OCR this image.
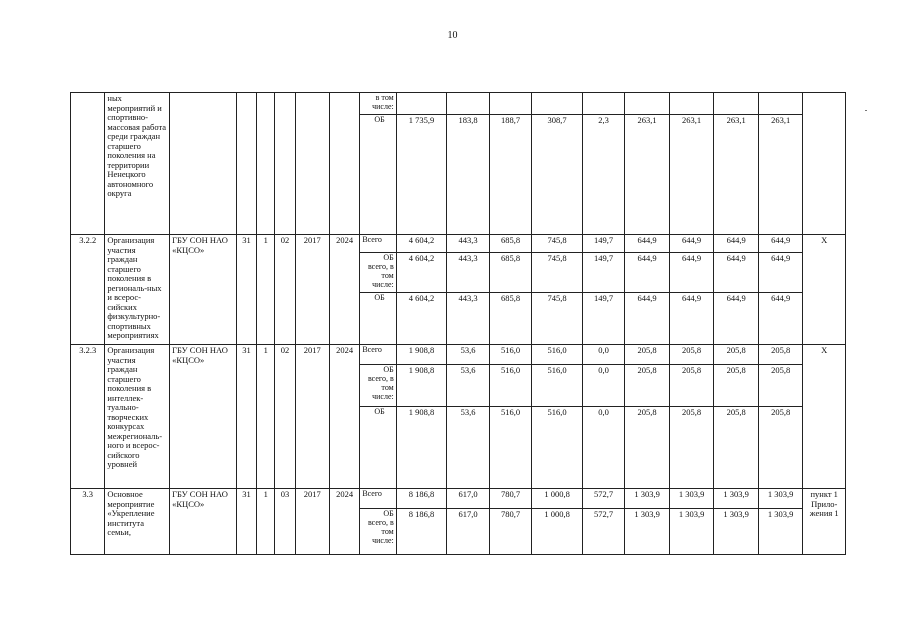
10
	ных мероприятий и спортивно-массовая работа среди граждан старшего поколения на территории Ненецкого автономного округа							в том числе:										
								ОБ	1 735,9	183,8	188,7	308,7	2,3	263,1	263,1	263,1	263,1	
3.2.2	Организация участия граждан старшего поколения в региональ-ных и всерос-сийских физкультурно-спортивных мероприятиях	ГБУ СОН НАО «КЦСО»	31	1	02	2017	2024	Всего	4 604,2	443,3	685,8	745,8	149,7	644,9	644,9	644,9	644,9	Х
								ОБ всего, в том числе:	4 604,2	443,3	685,8	745,8	149,7	644,9	644,9	644,9	644,9	
								ОБ	4 604,2	443,3	685,8	745,8	149,7	644,9	644,9	644,9	644,9	
3.2.3	Организация участия граждан старшего поколения в интеллек-туально-творческих конкурсах межрегиональ-ного и всерос-сийского уровней	ГБУ СОН НАО «КЦСО»	31	1	02	2017	2024	Всего	1 908,8	53,6	516,0	516,0	0,0	205,8	205,8	205,8	205,8	Х
								ОБ всего, в том числе:	1 908,8	53,6	516,0	516,0	0,0	205,8	205,8	205,8	205,8	
								ОБ	1 908,8	53,6	516,0	516,0	0,0	205,8	205,8	205,8	205,8	
3.3	Основное мероприятие «Укрепление института семьи,	ГБУ СОН НАО «КЦСО»	31	1	03	2017	2024	Всего	8 186,8	617,0	780,7	1 000,8	572,7	1 303,9	1 303,9	1 303,9	1 303,9	пункт 1 Прило-жения 1
								ОБ всего, в том числе:	8 186,8	617,0	780,7	1 000,8	572,7	1 303,9	1 303,9	1 303,9	1 303,9	
